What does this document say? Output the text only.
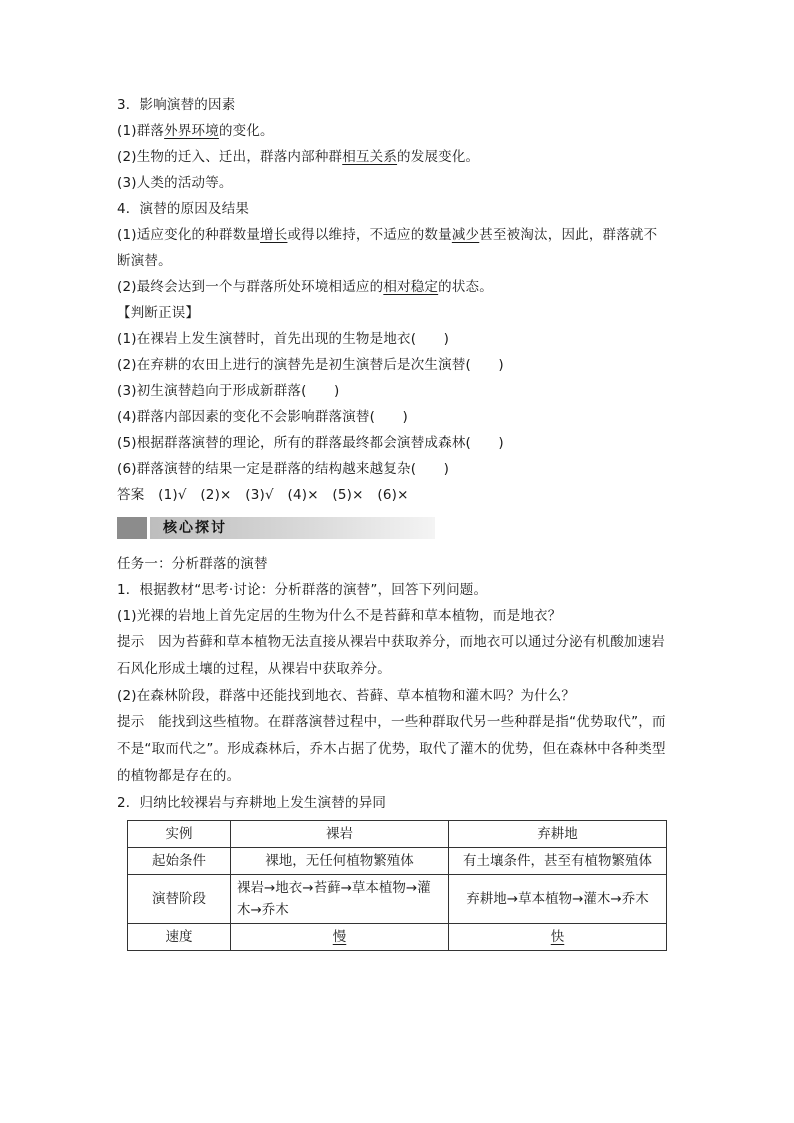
3．影响演替的因素
(1)群落外界环境的变化。
(2)生物的迁入、迁出，群落内部种群相互关系的发展变化。
(3)人类的活动等。
4．演替的原因及结果
(1)适应变化的种群数量增长或得以维持，不适应的数量减少甚至被淘汰，因此，群落就不断演替。
(2)最终会达到一个与群落所处环境相适应的相对稳定的状态。
【判断正误】
(1)在裸岩上发生演替时，首先出现的生物是地衣(　　)
(2)在弃耕的农田上进行的演替先是初生演替后是次生演替(　　)
(3)初生演替趋向于形成新群落(　　)
(4)群落内部因素的变化不会影响群落演替(　　)
(5)根据群落演替的理论，所有的群落最终都会演替成森林(　　)
(6)群落演替的结果一定是群落的结构越来越复杂(　　)
答案　(1)√　(2)×　(3)√　(4)×　(5)×　(6)×
核心探讨
任务一：分析群落的演替
1．根据教材“思考·讨论：分析群落的演替”，回答下列问题。
(1)光裸的岩地上首先定居的生物为什么不是苔藓和草本植物，而是地衣？
提示　因为苔藓和草本植物无法直接从裸岩中获取养分，而地衣可以通过分泌有机酸加速岩石风化形成土壤的过程，从裸岩中获取养分。
(2)在森林阶段，群落中还能找到地衣、苔藓、草本植物和灌木吗？为什么？
提示　能找到这些植物。在群落演替过程中，一些种群取代另一些种群是指“优势取代”，而不是“取而代之”。形成森林后，乔木占据了优势，取代了灌木的优势，但在森林中各种类型的植物都是存在的。
2．归纳比较裸岩与弃耕地上发生演替的异同
实例	裸岩	弃耕地
起始条件	裸地，无任何植物繁殖体	有土壤条件，甚至有植物繁殖体
演替阶段	裸岩→地衣→苔藓→草本植物→灌木→乔木	弃耕地→草本植物→灌木→乔木
速度	慢	快
